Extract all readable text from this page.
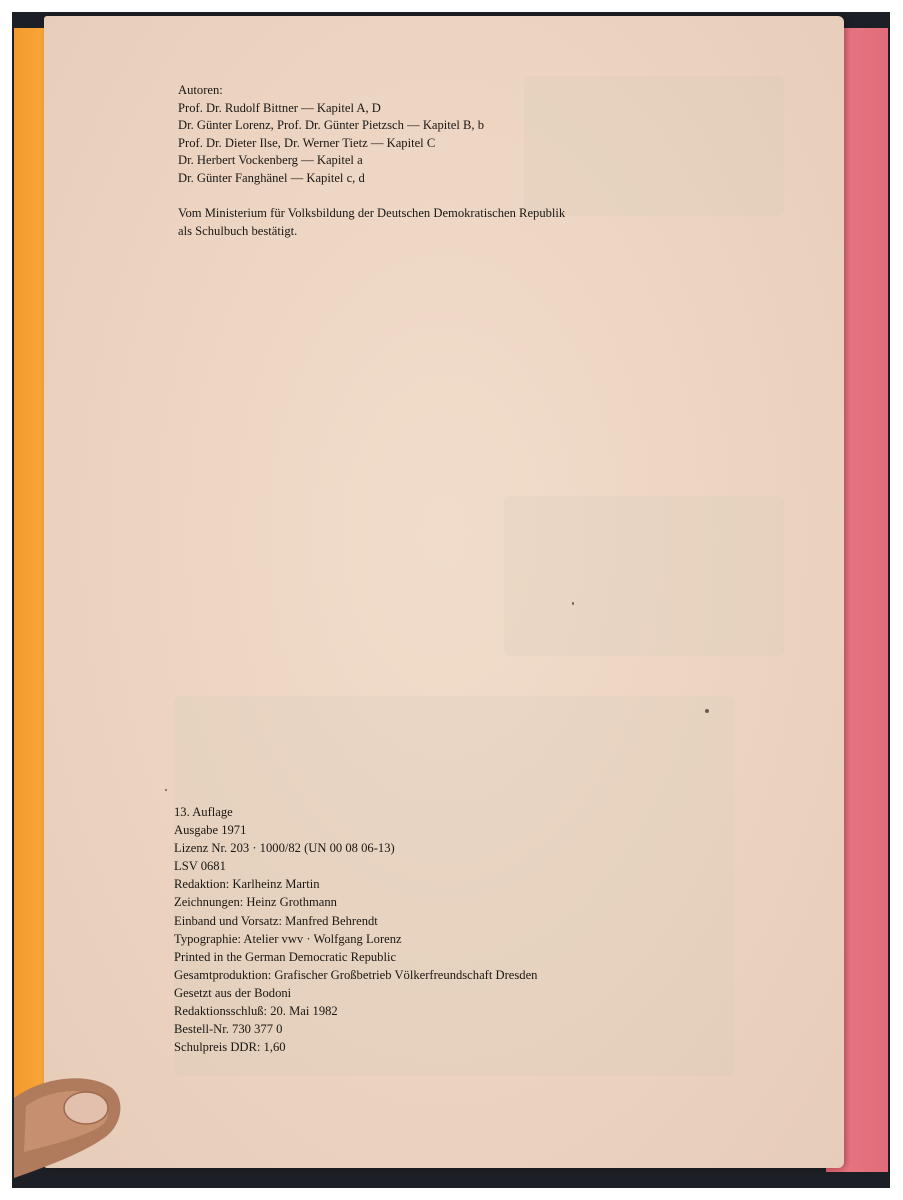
Autoren:
Prof. Dr. Rudolf Bittner — Kapitel A, D
Dr. Günter Lorenz, Prof. Dr. Günter Pietzsch — Kapitel B, b
Prof. Dr. Dieter Ilse, Dr. Werner Tietz — Kapitel C
Dr. Herbert Vockenberg — Kapitel a
Dr. Günter Fanghänel — Kapitel c, d
Vom Ministerium für Volksbildung der Deutschen Demokratischen Republik
als Schulbuch bestätigt.
13. Auflage
Ausgabe 1971
Lizenz Nr. 203 · 1000/82 (UN 00 08 06-13)
LSV 0681
Redaktion: Karlheinz Martin
Zeichnungen: Heinz Grothmann
Einband und Vorsatz: Manfred Behrendt
Typographie: Atelier vwv · Wolfgang Lorenz
Printed in the German Democratic Republic
Gesamtproduktion: Grafischer Großbetrieb Völkerfreundschaft Dresden
Gesetzt aus der Bodoni
Redaktionsschluß: 20. Mai 1982
Bestell-Nr. 730 377 0
Schulpreis DDR: 1,60
